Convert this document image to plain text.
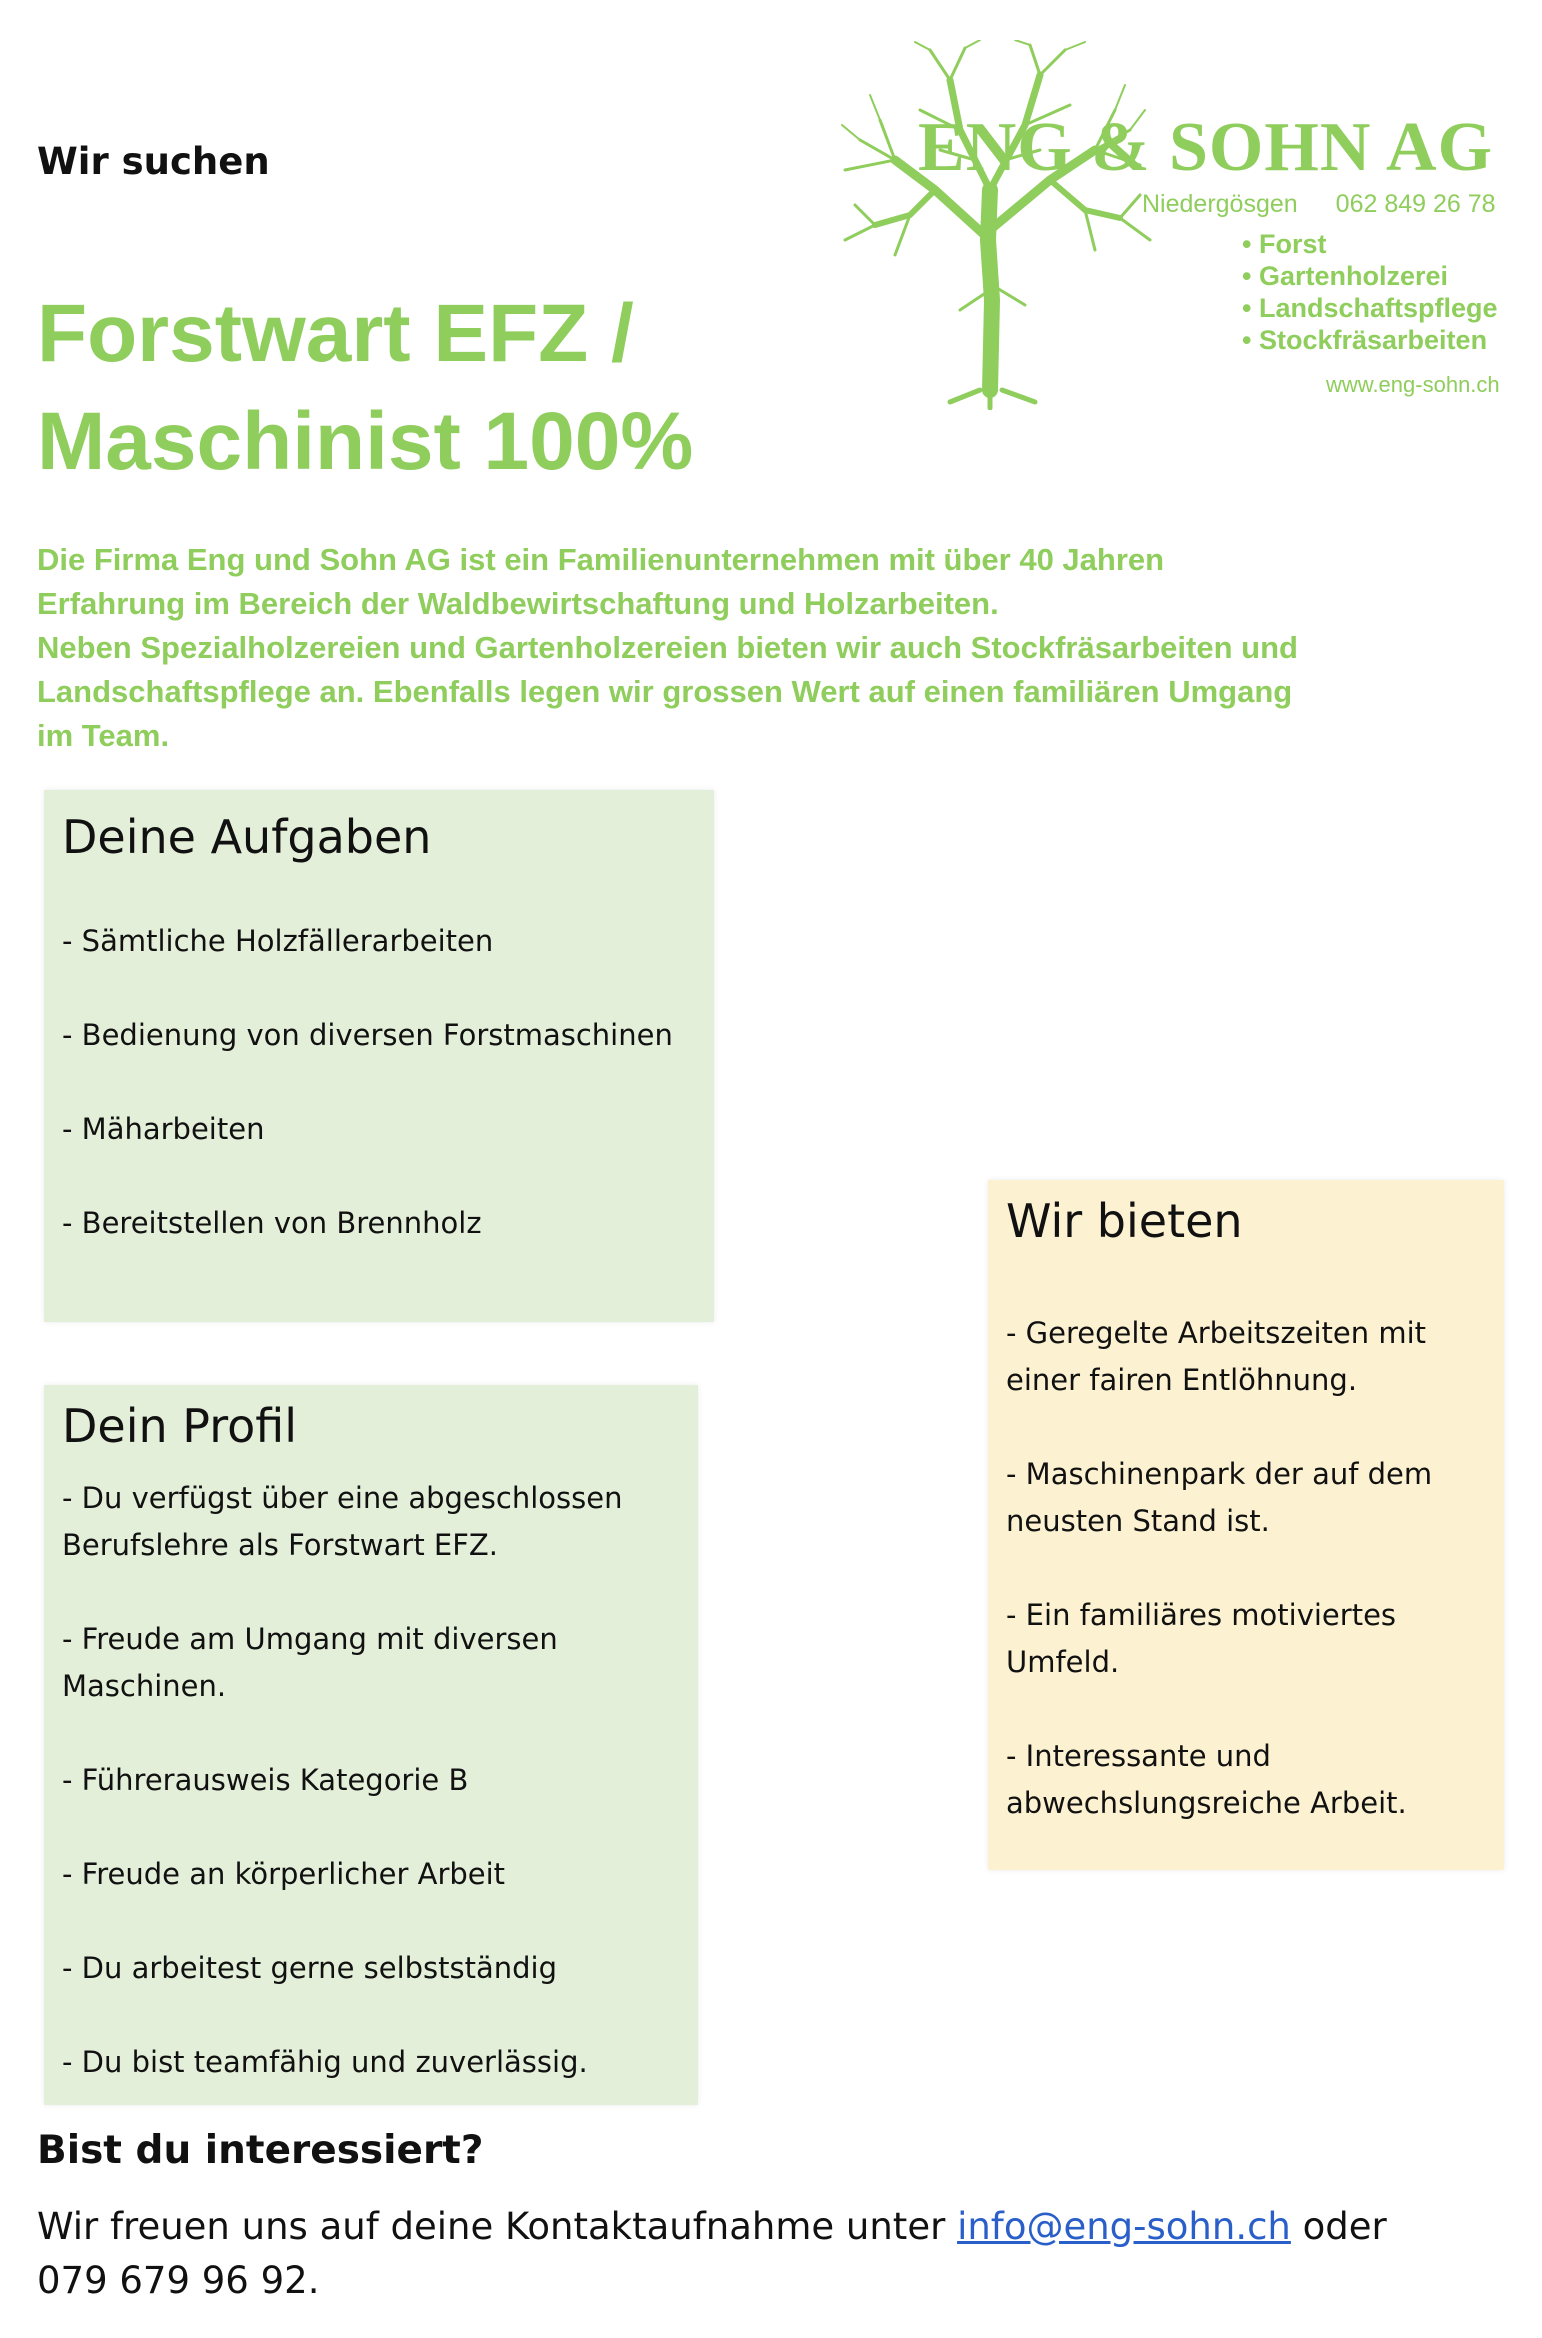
Wir suchen
Forstwart EFZ /
Maschinist 100%
ENG & SOHN AG
Niedergösgen 062 849 26 78
• Forst
• Gartenholzerei
• Landschaftspflege
• Stockfräsarbeiten
www.eng-sohn.ch
Die Firma Eng und Sohn AG ist ein Familienunternehmen mit über 40 Jahren
Erfahrung im Bereich der Waldbewirtschaftung und Holzarbeiten.
Neben Spezialholzereien und Gartenholzereien bieten wir auch Stockfräsarbeiten und
Landschaftspflege an. Ebenfalls legen wir grossen Wert auf einen familiären Umgang
im Team.
Deine Aufgaben

- Sämtliche Holzfällerarbeiten

- Bedienung von diversen Forstmaschinen

- Mäharbeiten

- Bereitstellen von Brennholz

Dein Profil

- Du verfügst über eine abgeschlossen Berufslehre als Forstwart EFZ.

- Freude am Umgang mit diversen Maschinen.

- Führerausweis Kategorie B

- Freude an körperlicher Arbeit

- Du arbeitest gerne selbstständig

- Du bist teamfähig und zuverlässig.

Wir bieten

- Geregelte Arbeitszeiten mit einer fairen Entlöhnung.

- Maschinenpark der auf dem neusten Stand ist.

- Ein familiäres motiviertes Umfeld.

- Interessante und abwechslungsreiche Arbeit.

Bist du interessiert?
Wir freuen uns auf deine Kontaktaufnahme unter info@eng-sohn.ch oder
079 679 96 92.
